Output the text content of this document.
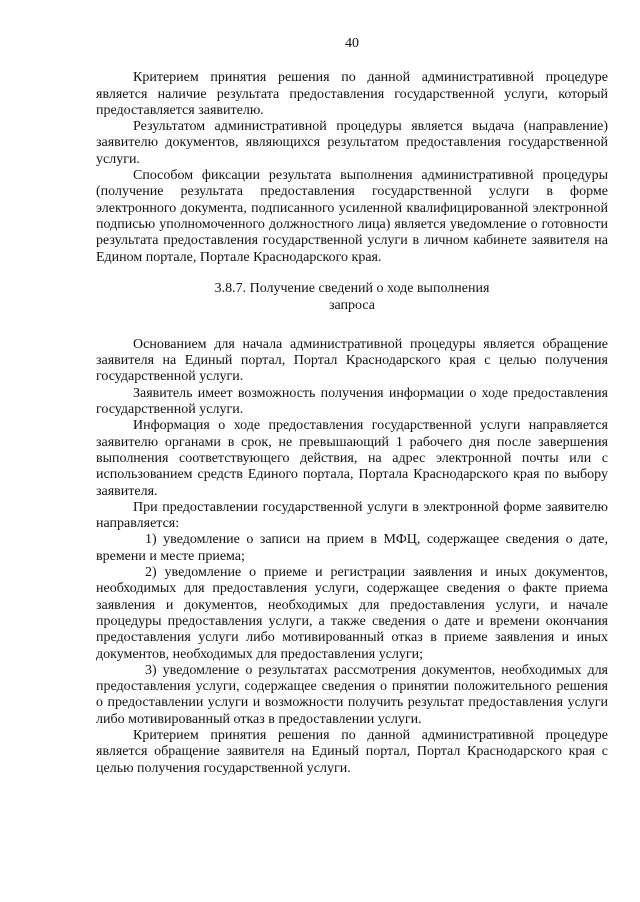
40

Критерием принятия решения по данной административной процедуре является наличие результата предоставления государственной услуги, который предоставляется заявителю.

Результатом административной процедуры является выдача (направление) заявителю документов, являющихся результатом предоставления государственной услуги.

Способом фиксации результата выполнения административной процедуры (получение результата предоставления государственной услуги в форме электронного документа, подписанного усиленной квалифицированной электронной подписью уполномоченного должностного лица) является уведомление о готовности результата предоставления государственной услуги в личном кабинете заявителя на Едином портале, Портале Краснодарского края.

3.8.7. Получение сведений о ходе выполнения
запроса

Основанием для начала административной процедуры является обращение заявителя на Единый портал, Портал Краснодарского края с целью получения государственной услуги.

Заявитель имеет возможность получения информации о ходе предоставления государственной услуги.

Информация о ходе предоставления государственной услуги направляется заявителю органами в срок, не превышающий 1 рабочего дня после завершения выполнения соответствующего действия, на адрес электронной почты или с использованием средств Единого портала, Портала Краснодарского края по выбору заявителя.

При предоставлении государственной услуги в электронной форме заявителю направляется:

1) уведомление о записи на прием в МФЦ, содержащее сведения о дате, времени и месте приема;

2) уведомление о приеме и регистрации заявления и иных документов, необходимых для предоставления услуги, содержащее сведения о факте приема заявления и документов, необходимых для предоставления услуги, и начале процедуры предоставления услуги, а также сведения о дате и времени окончания предоставления услуги либо мотивированный отказ в приеме заявления и иных документов, необходимых для предоставления услуги;

3) уведомление о результатах рассмотрения документов, необходимых для предоставления услуги, содержащее сведения о принятии положительного решения о предоставлении услуги и возможности получить результат предоставления услуги либо мотивированный отказ в предоставлении услуги.

Критерием принятия решения по данной административной процедуре является обращение заявителя на Единый портал, Портал Краснодарского края с целью получения государственной услуги.
